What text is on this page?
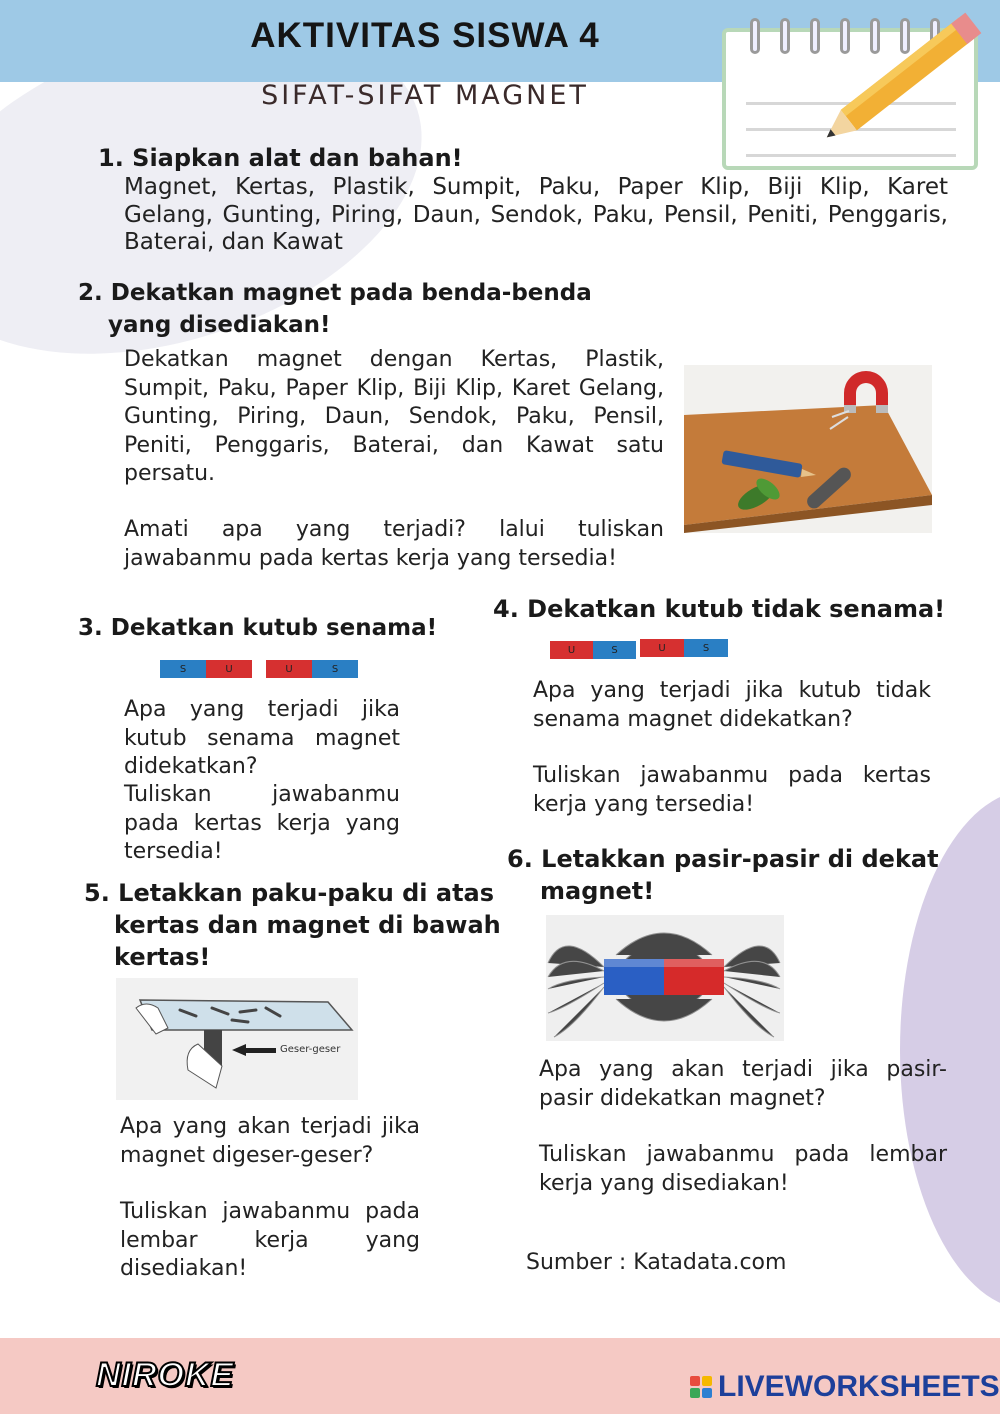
AKTIVITAS SISWA 4
SIFAT-SIFAT MAGNET
1. Siapkan alat dan bahan!
Magnet, Kertas, Plastik, Sumpit, Paku, Paper Klip, Biji Klip, Karet Gelang, Gunting, Piring, Daun, Sendok, Paku, Pensil, Peniti, Penggaris, Baterai, dan Kawat
2. Dekatkan magnet pada benda-benda
yang disediakan!
Dekatkan magnet dengan Kertas, Plastik, Sumpit, Paku, Paper Klip, Biji Klip, Karet Gelang, Gunting, Piring, Daun, Sendok, Paku, Pensil, Peniti, Penggaris, Baterai, dan Kawat satu persatu.
Amati apa yang terjadi? lalui tuliskan jawabanmu pada kertas kerja yang tersedia!
3. Dekatkan kutub senama!
S	U	U	S
Apa yang terjadi jika kutub senama magnet didekatkan?
Tuliskan jawabanmu pada kertas kerja yang tersedia!
4. Dekatkan kutub tidak senama!
U	S	U	S
Apa yang terjadi jika kutub tidak senama magnet didekatkan?
Tuliskan jawabanmu pada kertas kerja yang tersedia!
5. Letakkan paku-paku di atas
kertas dan magnet di bawah
kertas!
Geser-geser
Apa yang akan terjadi jika magnet digeser-geser?
Tuliskan jawabanmu pada lembar kerja yang disediakan!
6. Letakkan pasir-pasir di dekat
magnet!
Apa yang akan terjadi jika pasir-pasir didekatkan magnet?
Tuliskan jawabanmu pada lembar kerja yang disediakan!
Sumber : Katadata.com
NIROKE	LIVEWORKSHEETS
